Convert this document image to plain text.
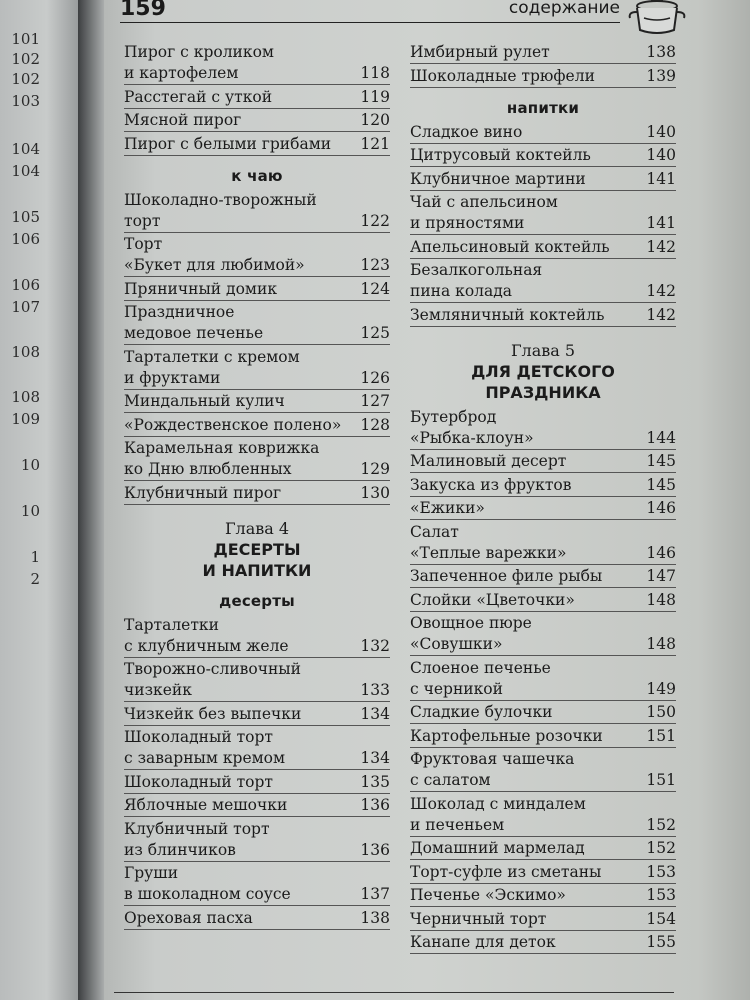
101
102
102
103
104
104
105
106
106
107
108
108
109
10
10
1
2
159	содержание
Пирог с кроликом
и картофелем	118
Расстегай с уткой	119
Мясной пирог	120
Пирог с белыми грибами	121
к чаю
Шоколадно-творожный
торт	122
Торт
«Букет для любимой»	123
Пряничный домик	124
Праздничное
медовое печенье	125
Тарталетки с кремом
и фруктами	126
Миндальный кулич	127
«Рождественское полено»	128
Карамельная коврижка
ко Дню влюбленных	129
Клубничный пирог	130
Глава 4
ДЕСЕРТЫ
И НАПИТКИ
десерты
Тарталетки
с клубничным желе	132
Творожно-сливочный
чизкейк	133
Чизкейк без выпечки	134
Шоколадный торт
с заварным кремом	134
Шоколадный торт	135
Яблочные мешочки	136
Клубничный торт
из блинчиков	136
Груши
в шоколадном соусе	137
Ореховая пасха	138
Имбирный рулет	138
Шоколадные трюфели	139
напитки
Сладкое вино	140
Цитрусовый коктейль	140
Клубничное мартини	141
Чай с апельсином
и пряностями	141
Апельсиновый коктейль	142
Безалкогольная
пина колада	142
Земляничный коктейль	142
Глава 5
ДЛЯ ДЕТСКОГО
ПРАЗДНИКА
Бутерброд
«Рыбка-клоун»	144
Малиновый десерт	145
Закуска из фруктов	145
«Ежики»	146
Салат
«Теплые варежки»	146
Запеченное филе рыбы	147
Слойки «Цветочки»	148
Овощное пюре
«Совушки»	148
Слоеное печенье
с черникой	149
Сладкие булочки	150
Картофельные розочки	151
Фруктовая чашечка
с салатом	151
Шоколад с миндалем
и печеньем	152
Домашний мармелад	152
Торт-суфле из сметаны	153
Печенье «Эскимо»	153
Черничный торт	154
Канапе для деток	155
